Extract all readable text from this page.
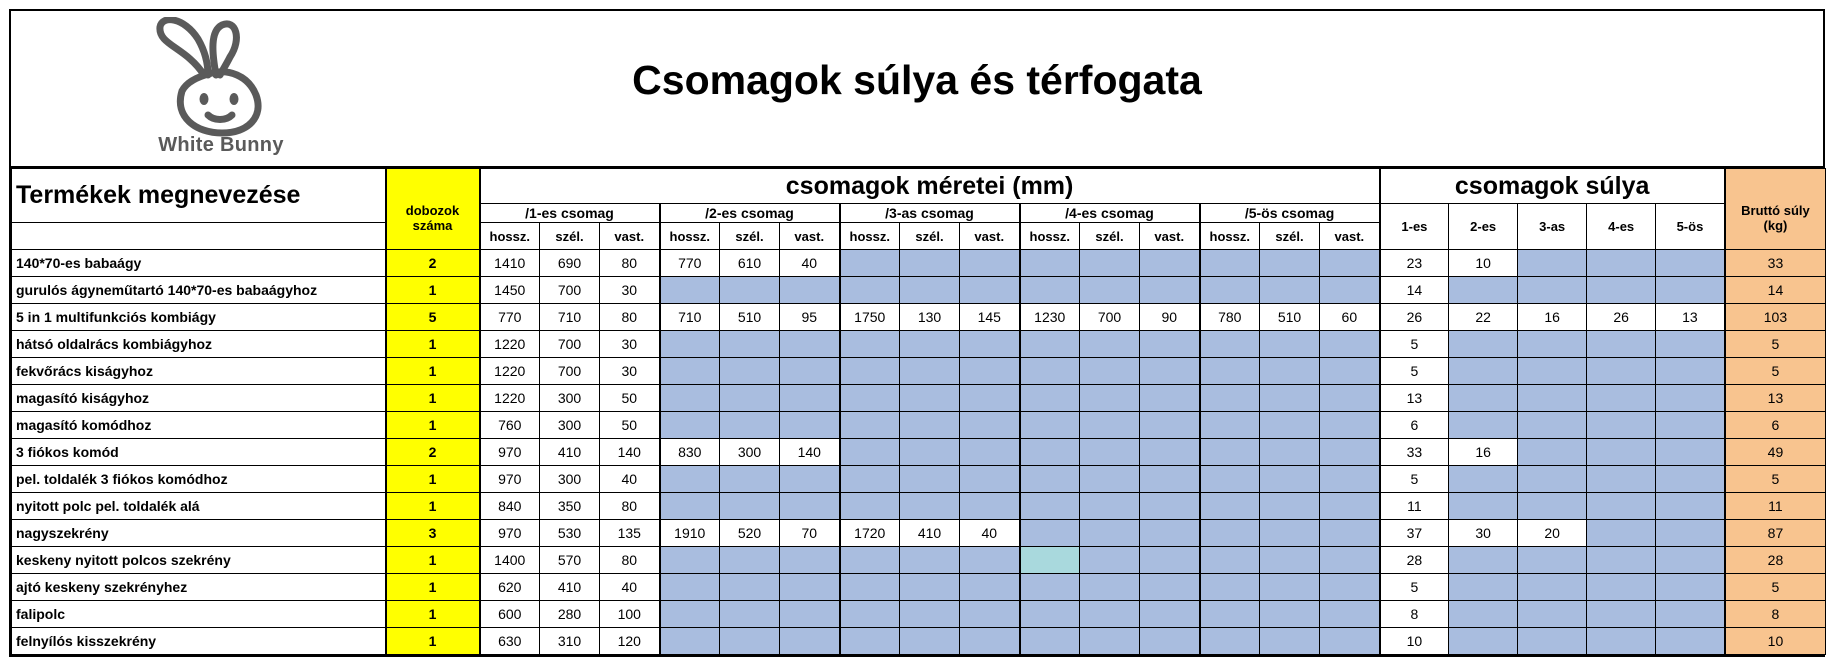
White Bunny
Csomagok súlya és térfogata
Termékek megnevezése	dobozok
száma	csomagok méretei (mm)															csomagok súlya					Bruttó súly
(kg)
		/1-es csomag			/2-es csomag			/3-as csomag			/4-es csomag			/5-ös csomag			1-es	2-es	3-as	4-es	5-ös	
		hossz.	szél.	vast.	hossz.	szél.	vast.	hossz.	szél.	vast.	hossz.	szél.	vast.	hossz.	szél.	vast.						
140*70-es babaágy	2	1410	690	80	770	610	40										23	10				33
gurulós ágyneműtartó 140*70-es babaágyhoz	1	1450	700	30													14					14
5 in 1 multifunkciós kombiágy	5	770	710	80	710	510	95	1750	130	145	1230	700	90	780	510	60	26	22	16	26	13	103
hátsó oldalrács kombiágyhoz	1	1220	700	30													5					5
fekvőrács kiságyhoz	1	1220	700	30													5					5
magasító kiságyhoz	1	1220	300	50													13					13
magasító komódhoz	1	760	300	50													6					6
3 fiókos komód	2	970	410	140	830	300	140										33	16				49
pel. toldalék 3 fiókos komódhoz	1	970	300	40													5					5
nyitott polc pel. toldalék alá	1	840	350	80													11					11
nagyszekrény	3	970	530	135	1910	520	70	1720	410	40							37	30	20			87
keskeny nyitott polcos szekrény	1	1400	570	80													28					28
ajtó keskeny szekrényhez	1	620	410	40													5					5
falipolc	1	600	280	100													8					8
felnyílós kisszekrény	1	630	310	120													10					10
